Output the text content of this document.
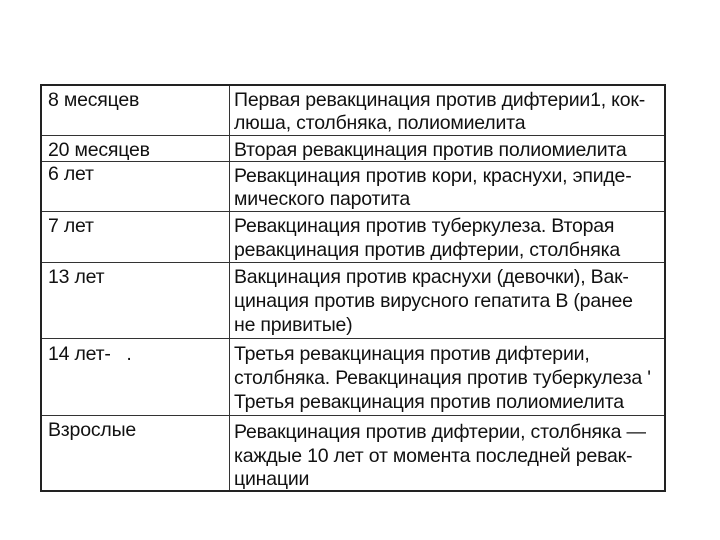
8 месяцев	Первая ревакцинация против дифтерии1, кок-
люша, столбняка, полиомиелита
20 месяцев	Вторая ревакцинация против полиомиелита
6 лет	Ревакцинация против кори, краснухи, эпиде-
мического паротита
7 лет	Ревакцинация против туберкулеза. Вторая
ревакцинация против дифтерии, столбняка
13 лет	Вакцинация против краснухи (девочки), Вак-
цинация против вирусного гепатита В (ранее
не привитые)
14 лет-   .	Третья ревакцинация против дифтерии,
столбняка. Ревакцинация против туберкулеза '
Третья ревакцинация против полиомиелита
Взрослые	Ревакцинация против дифтерии, столбняка —
каждые 10 лет от момента последней ревак-
цинации
